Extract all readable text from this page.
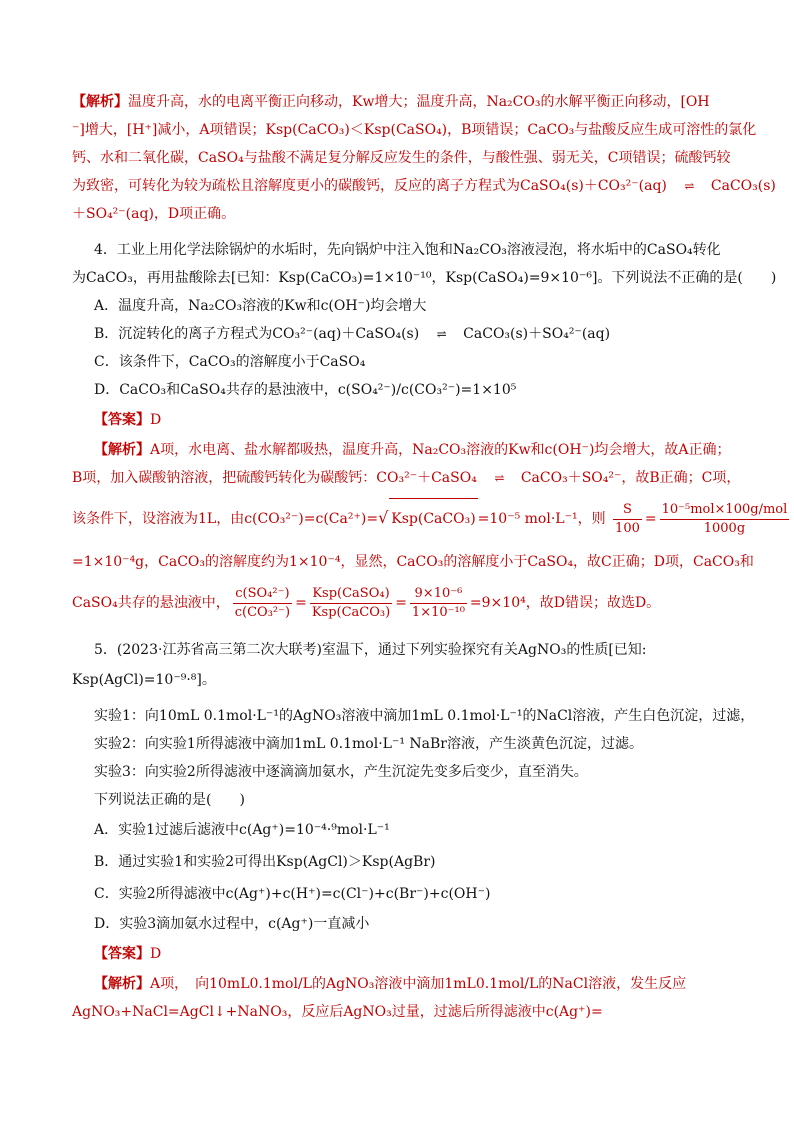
【解析】温度升高，水的电离平衡正向移动，Kw增大；温度升高，Na₂CO₃的水解平衡正向移动，[OH
⁻]增大，[H⁺]减小，A项错误；Ksp(CaCO₃)＜Ksp(CaSO₄)，B项错误；CaCO₃与盐酸反应生成可溶性的氯化
钙、水和二氧化碳，CaSO₄与盐酸不满足复分解反应发生的条件，与酸性强、弱无关，C项错误；硫酸钙较
为致密，可转化为较为疏松且溶解度更小的碳酸钙，反应的离子方程式为CaSO₄(s)＋CO₃²⁻(aq) ⇌ CaCO₃(s)
＋SO₄²⁻(aq)，D项正确。
4．工业上用化学法除锅炉的水垢时，先向锅炉中注入饱和Na₂CO₃溶液浸泡，将水垢中的CaSO₄转化
为CaCO₃，再用盐酸除去[已知：Ksp(CaCO₃)=1×10⁻¹⁰，Ksp(CaSO₄)=9×10⁻⁶]。下列说法不正确的是(　　)
A．温度升高，Na₂CO₃溶液的Kw和c(OH⁻)均会增大
B．沉淀转化的离子方程式为CO₃²⁻(aq)＋CaSO₄(s) ⇌ CaCO₃(s)＋SO₄²⁻(aq)
C．该条件下，CaCO₃的溶解度小于CaSO₄
D．CaCO₃和CaSO₄共存的悬浊液中，c(SO₄²⁻)/c(CO₃²⁻)=1×10⁵
【答案】D
【解析】A项，水电离、盐水解都吸热，温度升高，Na₂CO₃溶液的Kw和c(OH⁻)均会增大，故A正确；
B项，加入碳酸钠溶液，把硫酸钙转化为碳酸钙：CO₃²⁻＋CaSO₄ ⇌ CaCO₃＋SO₄²⁻，故B正确；C项，
该条件下，设溶液为1L，由c(CO₃²⁻)=c(Ca²⁺)=√ Ksp(CaCO₃) =10⁻⁵ mol·L⁻¹，则 $\frac{S}{100} = \frac{\text{10⁻⁵mol×100g/mol}}{1000g}$
=1×10⁻⁴g，CaCO₃的溶解度约为1×10⁻⁴，显然，CaCO₃的溶解度小于CaSO₄，故C正确；D项，CaCO₃和
CaSO₄共存的悬浊液中， $\frac{\text{c(SO₄²⁻)}}{\text{c(CO₃²⁻)}} = \frac{\text{Ksp(CaSO₄)}}{\text{Ksp(CaCO₃)}} = \frac{\text{9×10⁻⁶}}{\text{1×10⁻¹⁰}} =9\times 10^4$，故D错误；故选D。
5．(2023·江苏省高三第二次大联考)室温下，通过下列实验探究有关AgNO₃的性质[已知:
Ksp(AgCl)=10⁻⁹·⁸]。
实验1：向10mL 0.1mol·L⁻¹的AgNO₃溶液中滴加1mL 0.1mol·L⁻¹的NaCl溶液，产生白色沉淀，过滤，
实验2：向实验1所得滤液中滴加1mL 0.1mol·L⁻¹ NaBr溶液，产生淡黄色沉淀，过滤。
实验3：向实验2所得滤液中逐滴滴加氨水，产生沉淀先变多后变少，直至消失。
下列说法正确的是(　　)
A．实验1过滤后滤液中c(Ag⁺)=10⁻⁴·⁹mol·L⁻¹
B．通过实验1和实验2可得出Ksp(AgCl)＞Ksp(AgBr)
C．实验2所得滤液中c(Ag⁺)+c(H⁺)=c(Cl⁻)+c(Br⁻)+c(OH⁻)
D．实验3滴加氨水过程中，c(Ag⁺)一直减小
【答案】D
【解析】A项，　向10mL0.1mol/L的AgNO₃溶液中滴加1mL0.1mol/L的NaCl溶液，发生反应
AgNO₃+NaCl=AgCl↓+NaNO₃，反应后AgNO₃过量，过滤后所得滤液中c(Ag⁺)=
